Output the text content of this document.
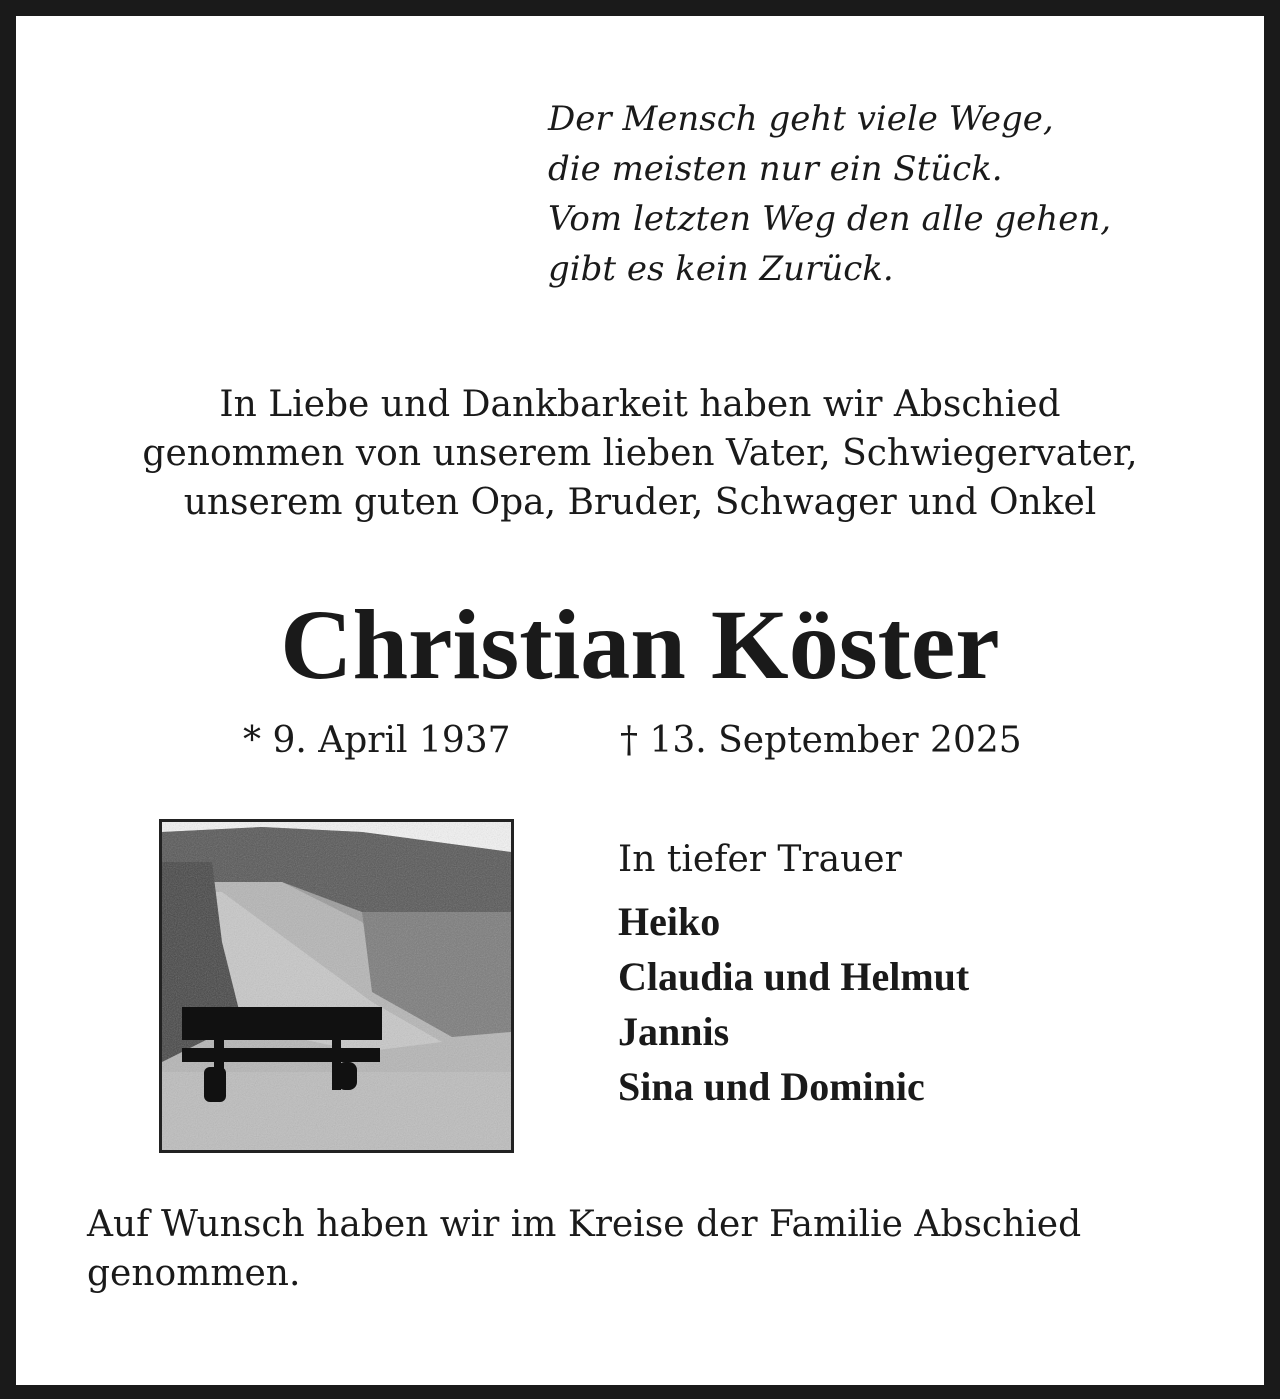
Der Mensch geht viele Wege,
die meisten nur ein Stück.
Vom letzten Weg den alle gehen,
gibt es kein Zurück.
In Liebe und Dankbarkeit haben wir Abschied
genommen von unserem lieben Vater, Schwiegervater,
unserem guten Opa, Bruder, Schwager und Onkel
Christian Köster
* 9. April 1937	† 13. September 2025
In tiefer Trauer
Heiko
Claudia und Helmut
Jannis
Sina und Dominic
Auf Wunsch haben wir im Kreise der Familie Abschied genommen.
